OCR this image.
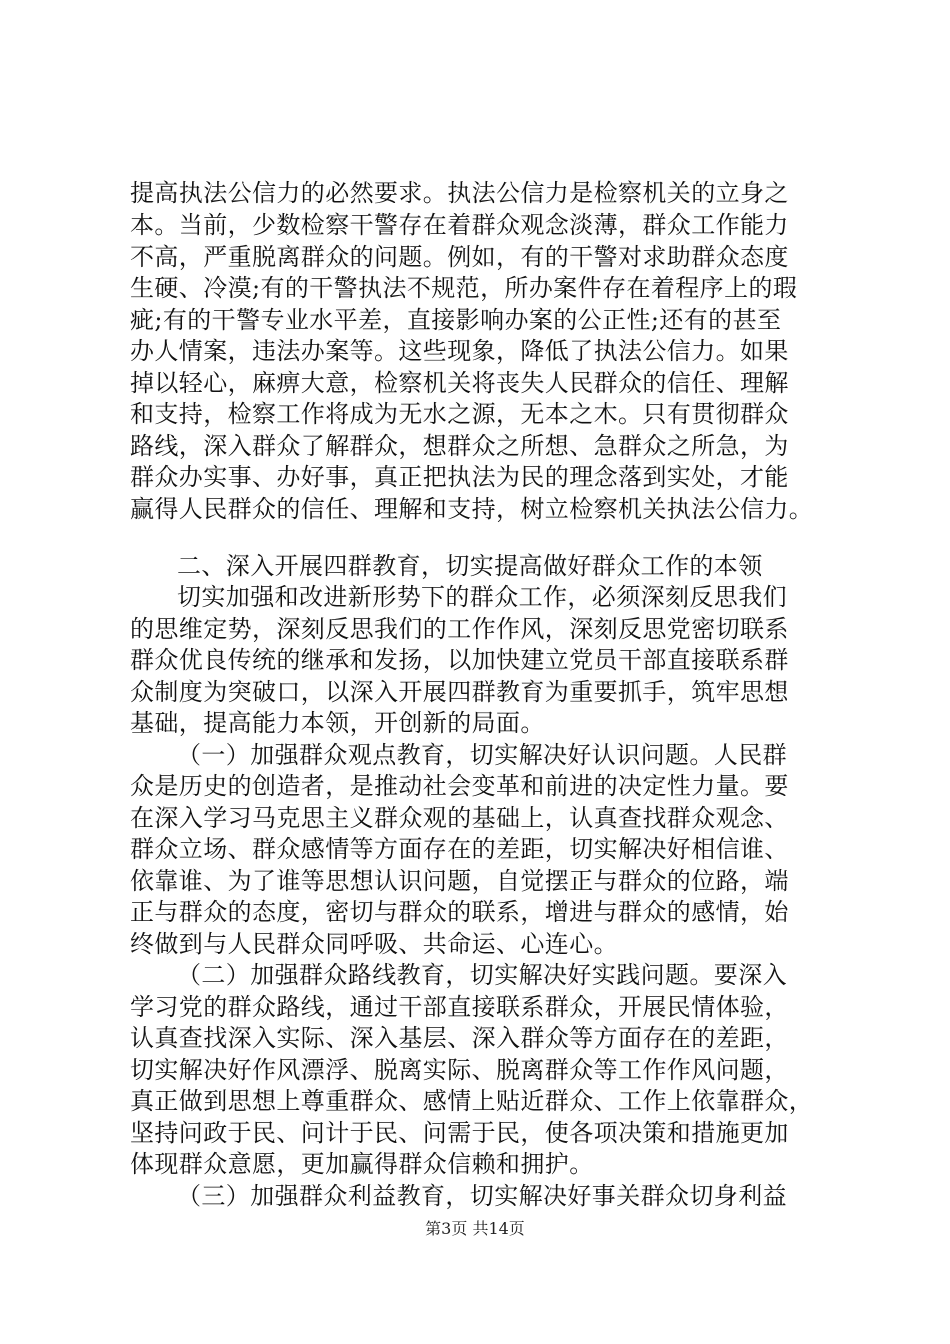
提高执法公信力的必然要求。执法公信力是检察机关的立身之
本。当前，少数检察干警存在着群众观念淡薄，群众工作能力
不高，严重脱离群众的问题。例如，有的干警对求助群众态度
生硬、冷漠;有的干警执法不规范，所办案件存在着程序上的瑕
疵;有的干警专业水平差，直接影响办案的公正性;还有的甚至
办人情案，违法办案等。这些现象，降低了执法公信力。如果
掉以轻心，麻痹大意，检察机关将丧失人民群众的信任、理解
和支持，检察工作将成为无水之源，无本之木。只有贯彻群众
路线，深入群众了解群众，想群众之所想、急群众之所急，为
群众办实事、办好事，真正把执法为民的理念落到实处，才能
赢得人民群众的信任、理解和支持，树立检察机关执法公信力。
二、深入开展四群教育，切实提高做好群众工作的本领
切实加强和改进新形势下的群众工作，必须深刻反思我们
的思维定势，深刻反思我们的工作作风，深刻反思党密切联系
群众优良传统的继承和发扬，以加快建立党员干部直接联系群
众制度为突破口，以深入开展四群教育为重要抓手，筑牢思想
基础，提高能力本领，开创新的局面。
（一）加强群众观点教育，切实解决好认识问题。人民群
众是历史的创造者，是推动社会变革和前进的决定性力量。要
在深入学习马克思主义群众观的基础上，认真查找群众观念、
群众立场、群众感情等方面存在的差距，切实解决好相信谁、
依靠谁、为了谁等思想认识问题，自觉摆正与群众的位路，端
正与群众的态度，密切与群众的联系，增进与群众的感情，始
终做到与人民群众同呼吸、共命运、心连心。
（二）加强群众路线教育，切实解决好实践问题。要深入
学习党的群众路线，通过干部直接联系群众，开展民情体验，
认真查找深入实际、深入基层、深入群众等方面存在的差距，
切实解决好作风漂浮、脱离实际、脱离群众等工作作风问题，
真正做到思想上尊重群众、感情上贴近群众、工作上依靠群众，
坚持问政于民、问计于民、问需于民，使各项决策和措施更加
体现群众意愿，更加赢得群众信赖和拥护。
（三）加强群众利益教育，切实解决好事关群众切身利益
第3页 共14页
